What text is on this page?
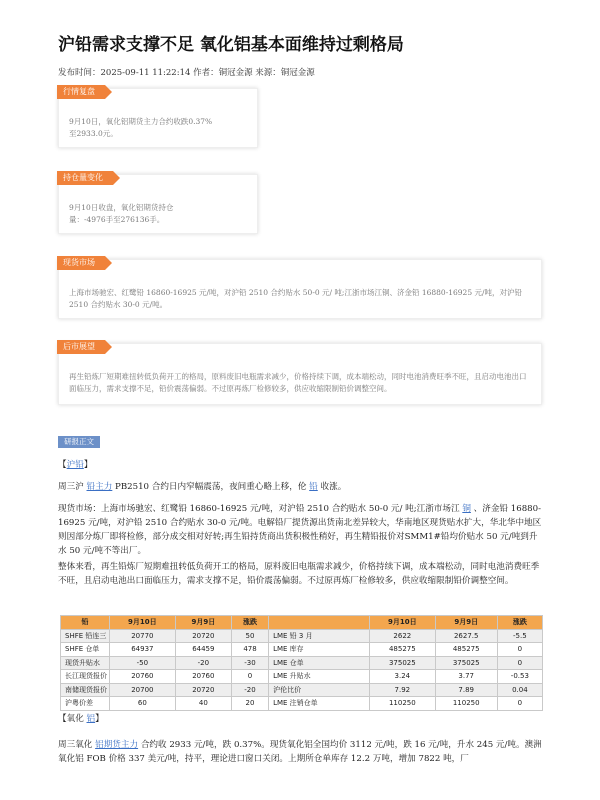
沪铅需求支撑不足 氧化铝基本面维持过剩格局
发布时间：2025-09-11 11:22:14 作者：铜冠金源 来源：铜冠金源
行情复盘
9月10日，氧化铝期货主力合约收跌0.37%至2933.0元。
持仓量变化
9月10日收盘，氧化铝期货持仓量：-4976手至276136手。
现货市场
上海市场驰宏、红鹭铅 16860-16925 元/吨，对沪铅 2510 合约贴水 50-0 元/ 吨;江浙市场江铜、济金铅 16880-16925 元/吨，对沪铅 2510 合约贴水 30-0 元/吨。
后市展望
再生铅炼厂短期难扭转低负荷开工的格局，原料废旧电瓶需求减少，价格持续下调，成本端松动，同时电池消费旺季不旺，且启动电池出口面临压力，需求支撑不足，铅价震荡偏弱。不过原再炼厂检修较多，供应收缩限制铅价调整空间。
研报正文
【沪铅】
周三沪 铅主力 PB2510 合约日内窄幅震荡，夜间重心略上移，伦 铅 收涨。
现货市场：上海市场驰宏、红鹭铅 16860-16925 元/吨，对沪铅 2510 合约贴水 50-0 元/ 吨;江浙市场江 铜 、济金铅 16880-16925 元/吨，对沪铅 2510 合约贴水 30-0 元/吨。电解铅厂提货源出货南北差异较大，华南地区现货贴水扩大，华北华中地区则因部分炼厂即将检修，部分成交相对好转;再生铅持货商出货积极性稍好，再生精铅报价对SMM1#铅均价贴水 50 元/吨到升水 50 元/吨不等出厂。
整体来看，再生铅炼厂短期难扭转低负荷开工的格局，原料废旧电瓶需求减少，价格持续下调，成本端松动，同时电池消费旺季不旺，且启动电池出口面临压力，需求支撑不足，铅价震荡偏弱。不过原再炼厂检修较多，供应收缩限制铅价调整空间。
铅	9月10日	9月9日	涨跌		9月10日	9月9日	涨跌
SHFE 铅连三	20770	20720	50	LME 铅 3 月	2622	2627.5	-5.5
SHFE 仓单	64937	64459	478	LME 库存	485275	485275	0
现货升贴水	-50	-20	-30	LME 仓单	375025	375025	0
长江现货报价	20760	20760	0	LME 升贴水	3.24	3.77	-0.53
南储现货报价	20700	20720	-20	沪伦比价	7.92	7.89	0.04
沪粤价差	60	40	20	LME 注销仓单	110250	110250	0
【氧化 铝】
周三氧化 铝期货主力 合约收 2933 元/吨，跌 0.37%。现货氧化铝全国均价 3112 元/吨，跌 16 元/吨，升水 245 元/吨。澳洲氧化铝 FOB 价格 337 美元/吨，持平，理论进口窗口关闭。上期所仓单库存 12.2 万吨，增加 7822 吨，厂
